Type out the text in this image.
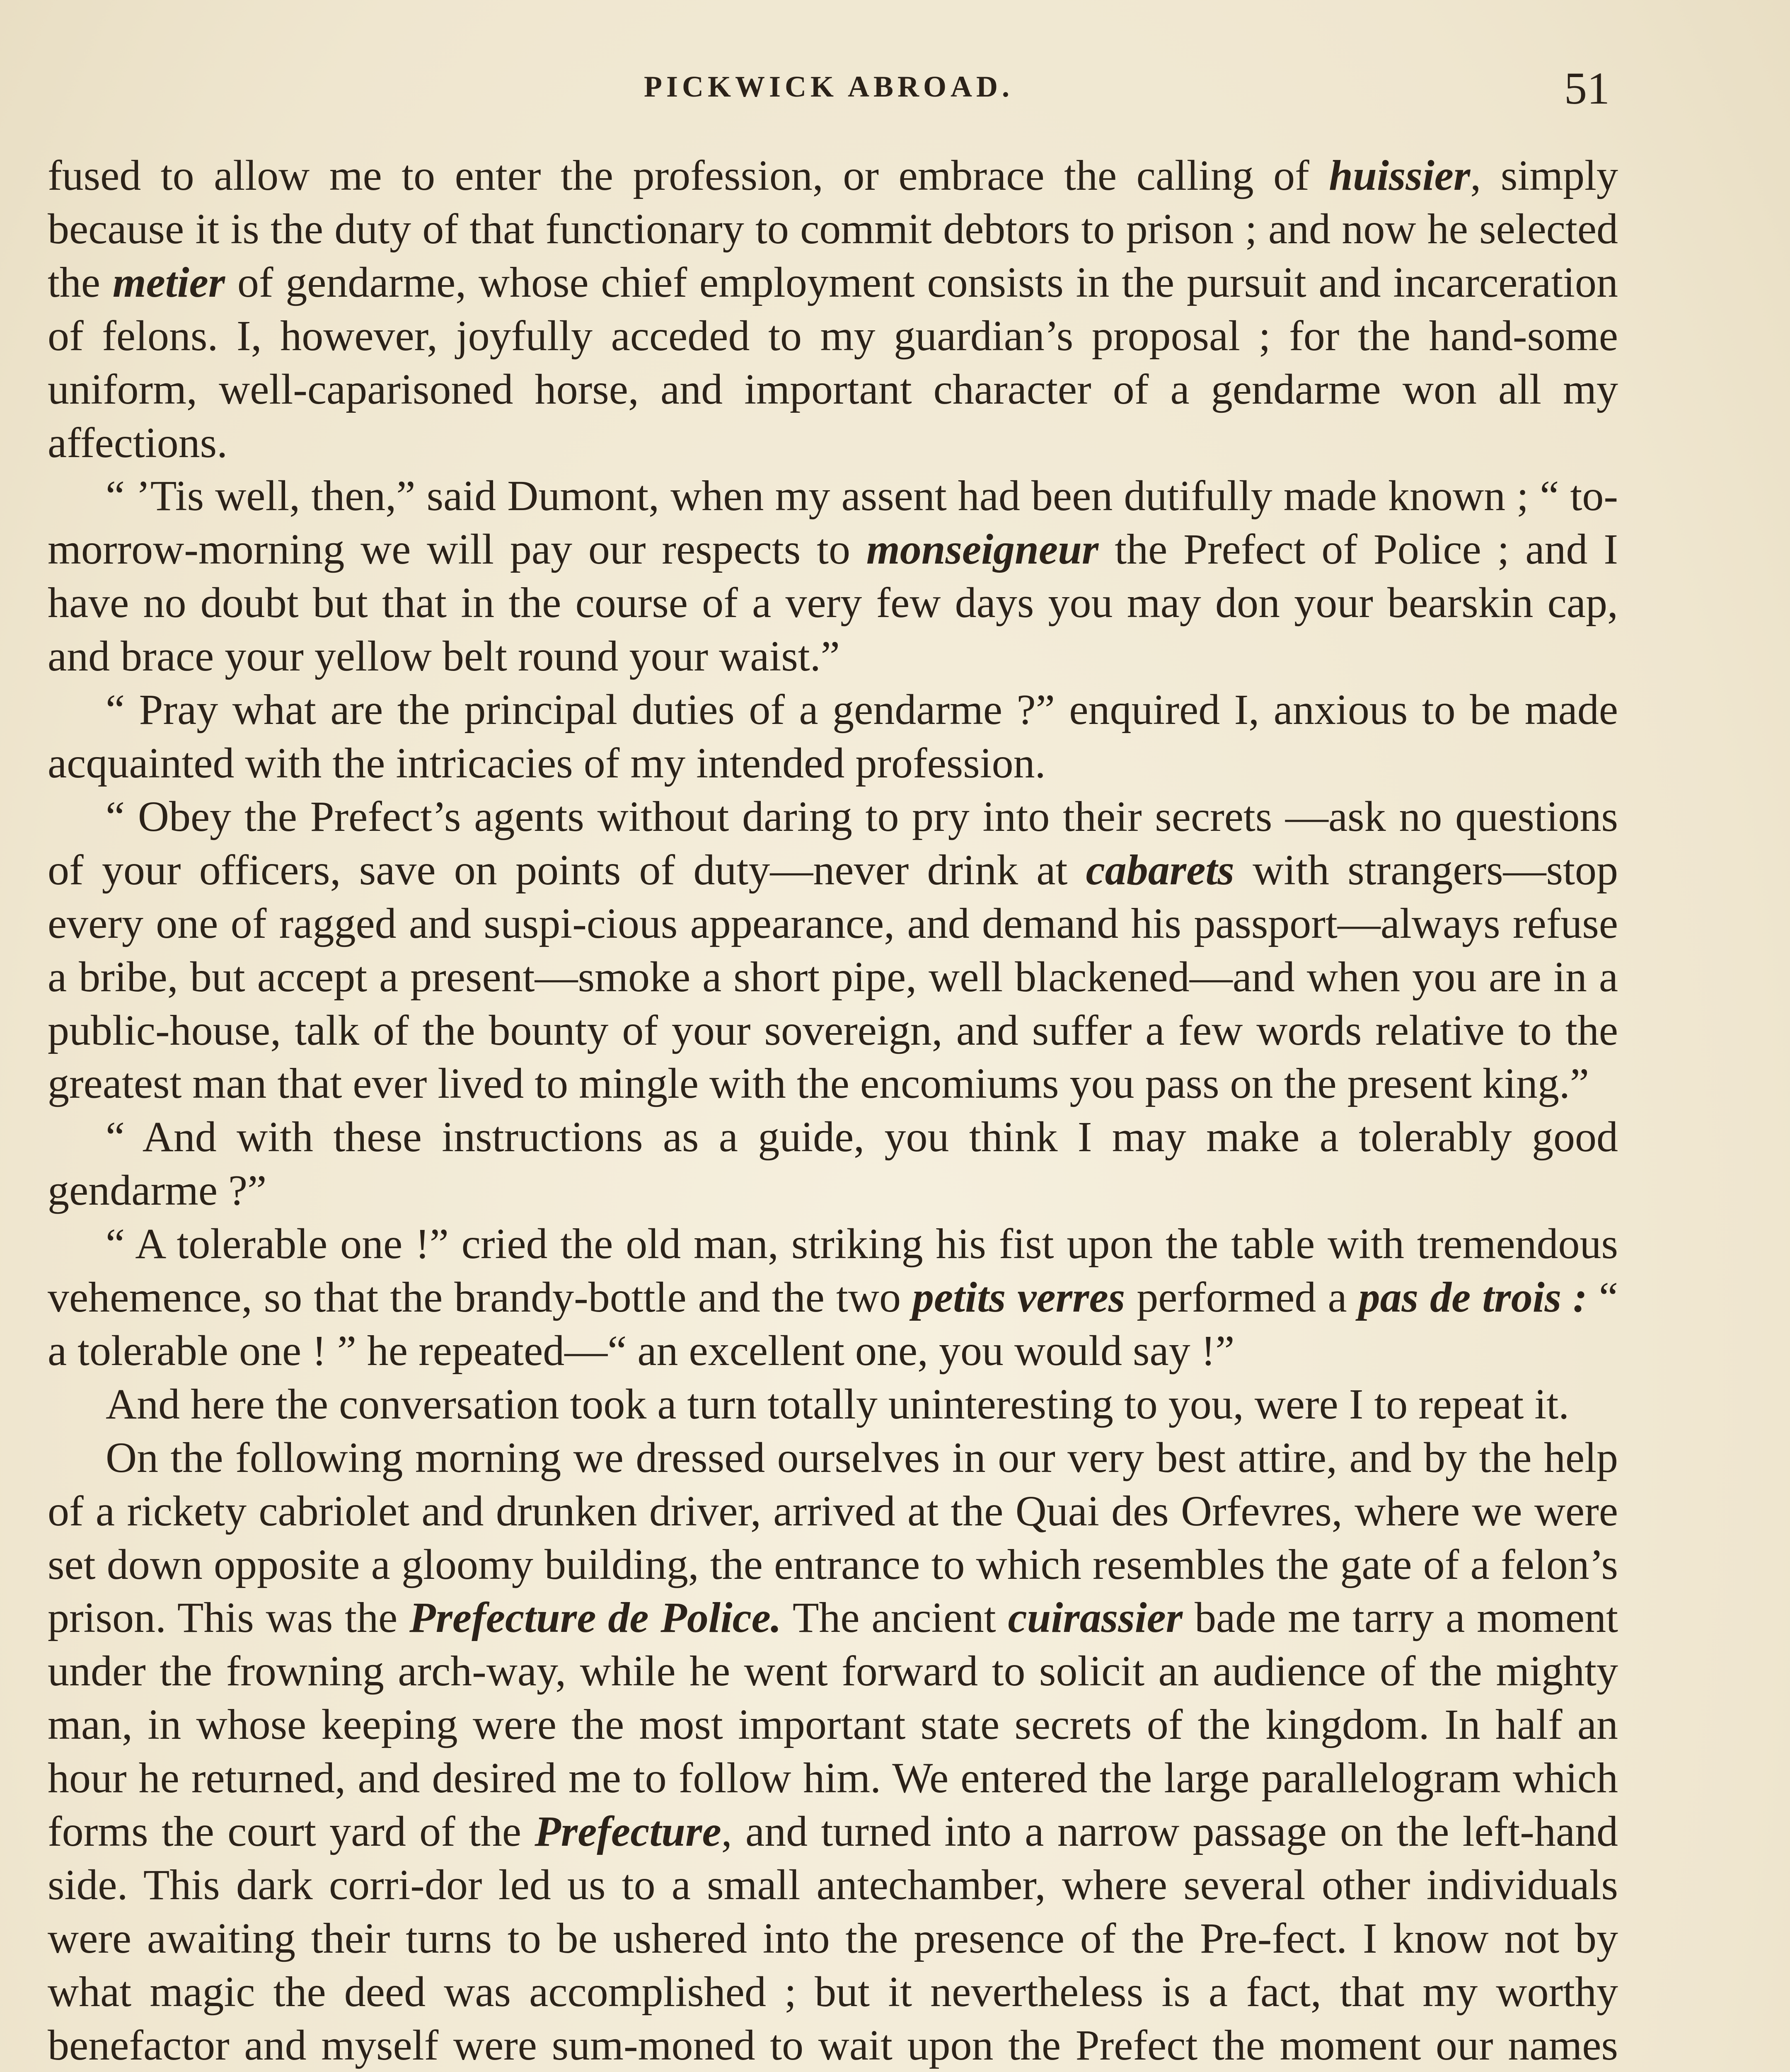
PICKWICK ABROAD.	51

fused to allow me to enter the profession, or embrace the calling of huissier, simply because it is the duty of that functionary to commit debtors to prison ; and now he selected the metier of gendarme, whose chief employment consists in the pursuit and incarceration of felons. I, however, joyfully acceded to my guardian’s proposal ; for the hand-some uniform, well-caparisoned horse, and important character of a gendarme won all my affections.

“ ’Tis well, then,” said Dumont, when my assent had been dutifully made known ; “ to-morrow-morning we will pay our respects to monseigneur the Prefect of Police ; and I have no doubt but that in the course of a very few days you may don your bearskin cap, and brace your yellow belt round your waist.”

“ Pray what are the principal duties of a gendarme ?” enquired I, anxious to be made acquainted with the intricacies of my intended profession.

“ Obey the Prefect’s agents without daring to pry into their secrets —ask no questions of your officers, save on points of duty—never drink at cabarets with strangers—stop every one of ragged and suspi-cious appearance, and demand his passport—always refuse a bribe, but accept a present—smoke a short pipe, well blackened—and when you are in a public-house, talk of the bounty of your sovereign, and suffer a few words relative to the greatest man that ever lived to mingle with the encomiums you pass on the present king.”

“ And with these instructions as a guide, you think I may make a tolerably good gendarme ?”

“ A tolerable one !” cried the old man, striking his fist upon the table with tremendous vehemence, so that the brandy-bottle and the two petits verres performed a pas de trois : “ a tolerable one ! ” he repeated—“ an excellent one, you would say !”

And here the conversation took a turn totally uninteresting to you, were I to repeat it.

On the following morning we dressed ourselves in our very best attire, and by the help of a rickety cabriolet and drunken driver, arrived at the Quai des Orfevres, where we were set down opposite a gloomy building, the entrance to which resembles the gate of a felon’s prison. This was the Prefecture de Police. The ancient cuirassier bade me tarry a moment under the frowning arch-way, while he went forward to solicit an audience of the mighty man, in whose keeping were the most important state secrets of the kingdom. In half an hour he returned, and desired me to follow him. We entered the large parallelogram which forms the court yard of the Prefecture, and turned into a narrow passage on the left-hand side. This dark corri-dor led us to a small antechamber, where several other individuals were awaiting their turns to be ushered into the presence of the Pre-fect. I know not by what magic the deed was accomplished ; but it nevertheless is a fact, that my worthy benefactor and myself were sum-moned to wait upon the Prefect the moment our names
